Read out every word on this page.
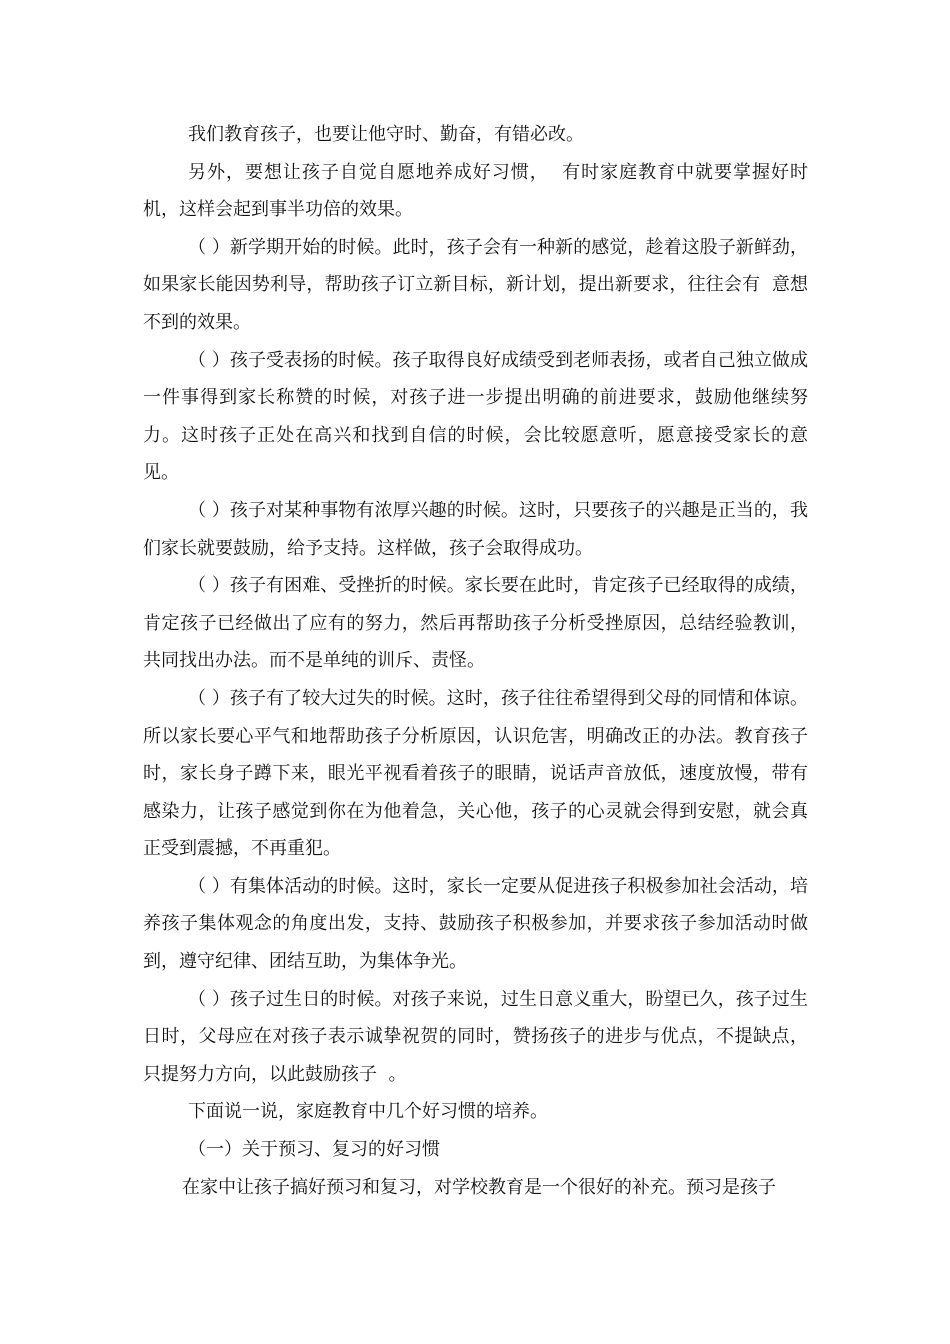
我们教育孩子，也要让他守时、勤奋，有错必改。

另外，要想让孩子自觉自愿地养成好习惯，  有时家庭教育中就要掌握好时机，这样会起到事半功倍的效果。

（ ）新学期开始的时候。此时，孩子会有一种新的感觉，趁着这股子新鲜劲，如果家长能因势利导，帮助孩子订立新目标，新计划，提出新要求，往往会有  意想不到的效果。

（ ）孩子受表扬的时候。孩子取得良好成绩受到老师表扬，或者自己独立做成一件事得到家长称赞的时候，对孩子进一步提出明确的前进要求，鼓励他继续努力。这时孩子正处在高兴和找到自信的时候，会比较愿意听，愿意接受家长的意见。

（ ）孩子对某种事物有浓厚兴趣的时候。这时，只要孩子的兴趣是正当的，我们家长就要鼓励，给予支持。这样做，孩子会取得成功。

（ ）孩子有困难、受挫折的时候。家长要在此时，肯定孩子已经取得的成绩，肯定孩子已经做出了应有的努力，然后再帮助孩子分析受挫原因，总结经验教训，共同找出办法。而不是单纯的训斥、责怪。

（ ）孩子有了较大过失的时候。这时，孩子往往希望得到父母的同情和体谅。所以家长要心平气和地帮助孩子分析原因，认识危害，明确改正的办法。教育孩子时，家长身子蹲下来，眼光平视看着孩子的眼睛，说话声音放低，速度放慢，带有感染力，让孩子感觉到你在为他着急，关心他，孩子的心灵就会得到安慰，就会真正受到震撼，不再重犯。

（ ）有集体活动的时候。这时，家长一定要从促进孩子积极参加社会活动，培养孩子集体观念的角度出发，支持、鼓励孩子积极参加，并要求孩子参加活动时做到，遵守纪律、团结互助，为集体争光。

（ ）孩子过生日的时候。对孩子来说，过生日意义重大，盼望已久，孩子过生日时，父母应在对孩子表示诚挚祝贺的同时，赞扬孩子的进步与优点，不提缺点，只提努力方向，以此鼓励孩子  。

下面说一说，家庭教育中几个好习惯的培养。

（一）关于预习、复习的好习惯

在家中让孩子搞好预习和复习，对学校教育是一个很好的补充。预习是孩子
